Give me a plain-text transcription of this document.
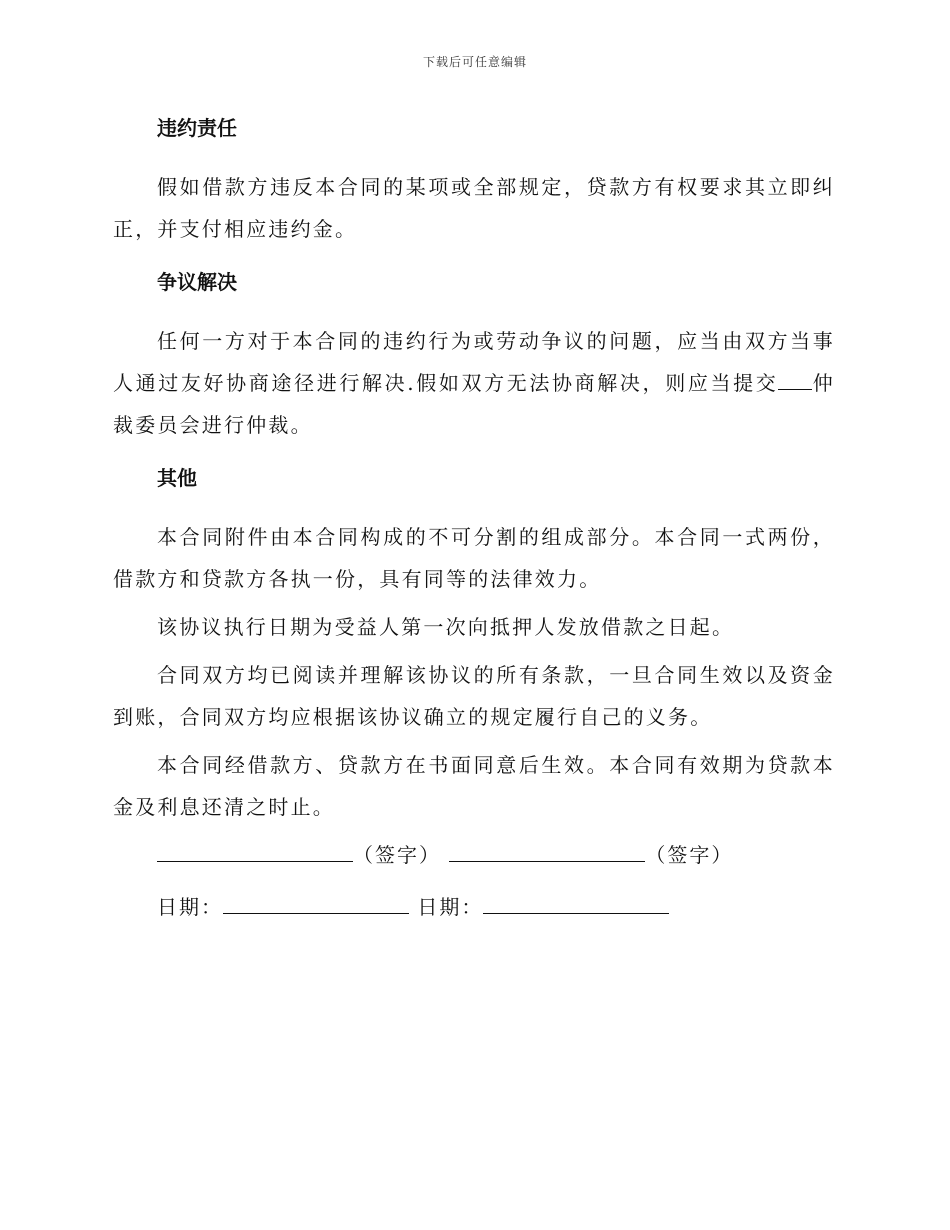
下载后可任意编辑
违约责任

假如借款方违反本合同的某项或全部规定，贷款方有权要求其立即纠正，并支付相应违约金。

争议解决

任何一方对于本合同的违约行为或劳动争议的问题，应当由双方当事人通过友好协商途径进行解决.假如双方无法协商解决，则应当提交 仲裁委员会进行仲裁。

其他

本合同附件由本合同构成的不可分割的组成部分。本合同一式两份，借款方和贷款方各执一份，具有同等的法律效力。

该协议执行日期为受益人第一次向抵押人发放借款之日起。

合同双方均已阅读并理解该协议的所有条款，一旦合同生效以及资金到账，合同双方均应根据该协议确立的规定履行自己的义务。

本合同经借款方、贷款方在书面同意后生效。本合同有效期为贷款本金及利息还清之时止。

（签字）	（签字）
日期：	日期：
